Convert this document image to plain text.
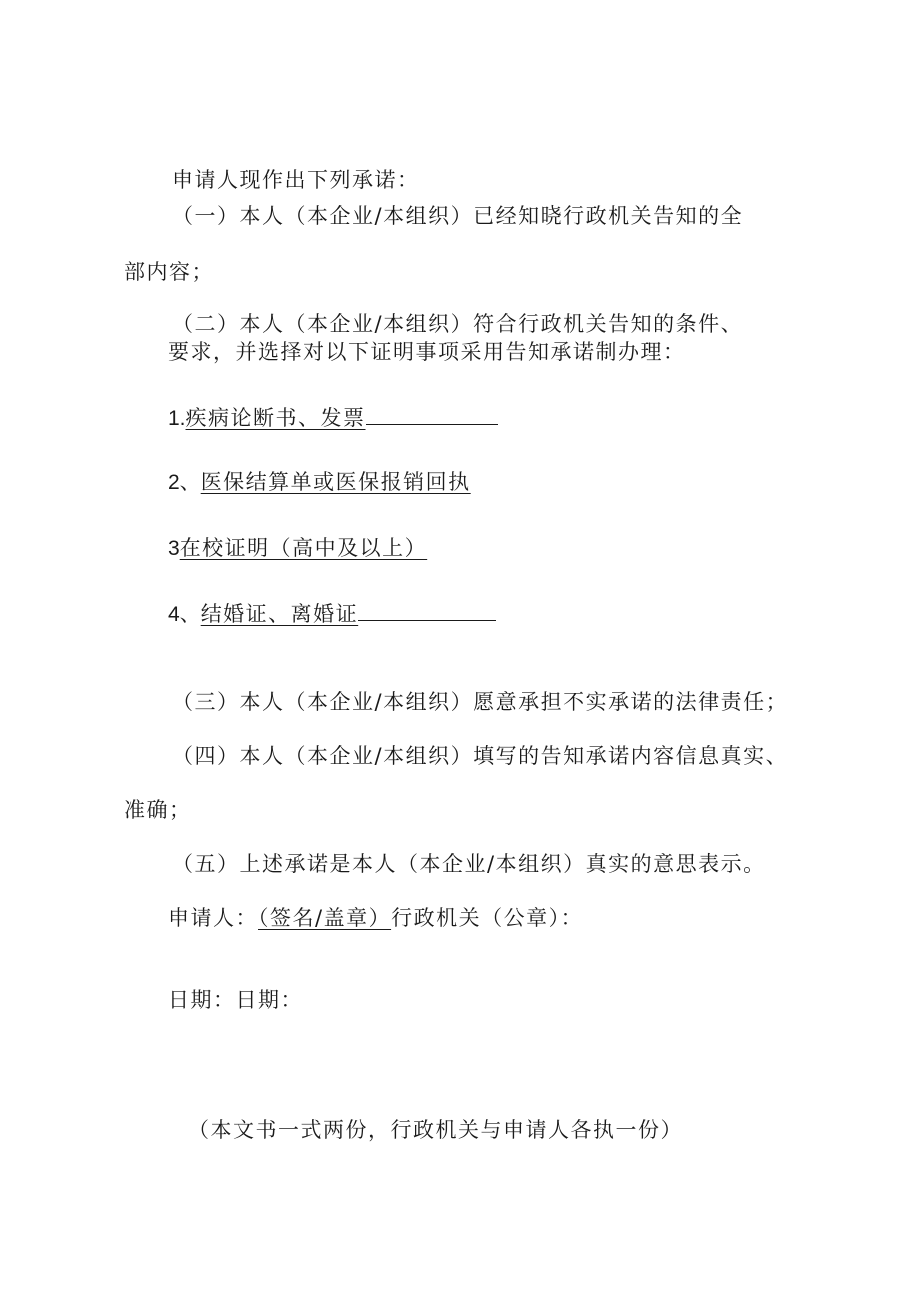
申请人现作出下列承诺：
（一）本人（本企业/本组织）已经知晓行政机关告知的全
部内容；
（二）本人（本企业/本组织）符合行政机关告知的条件、
要求，并选择对以下证明事项采用告知承诺制办理：
1.疾病论断书、发票
2、医保结算单或医保报销回执
3在校证明（高中及以上）
4、结婚证、离婚证
（三）本人（本企业/本组织）愿意承担不实承诺的法律责任；
（四）本人（本企业/本组织）填写的告知承诺内容信息真实、
准确；
（五）上述承诺是本人（本企业/本组织）真实的意思表示。
申请人：（签名/盖章）行政机关（公章）：
日期：日期：
（本文书一式两份，行政机关与申请人各执一份）
